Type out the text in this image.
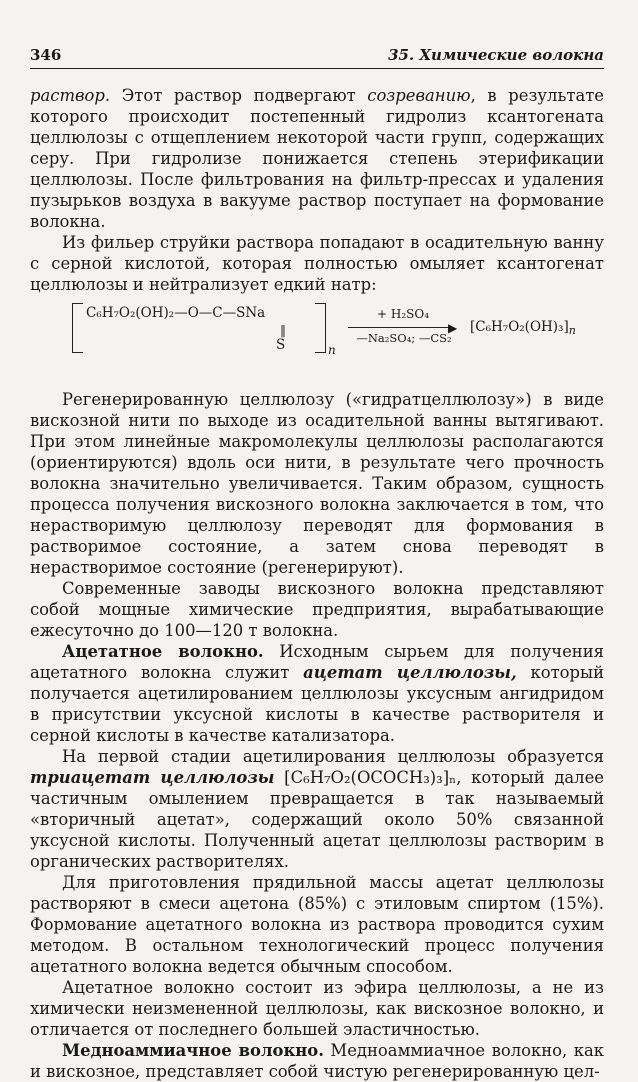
346	35. Химические волокна

раствор. Этот раствор подвергают созреванию, в результате которого происходит постепенный гидролиз ксантогената целлюлозы с отщеплением некоторой части групп, содержащих серу. При гидролизе понижается степень этерификации целлюлозы. После фильтрования на фильтр-прессах и удаления пузырьков воздуха в вакууме раствор поступает на формование волокна.

Из фильер струйки раствора попадают в осадительную ванну с серной кислотой, которая полностью омыляет ксантогенат целлюлозы и нейтрализует едкий натр:

C₆H₇O₂(OH)₂—O—C—SNa
‖
S	n
+ H₂SO₄
▶
—Na₂SO₄; —CS₂
$[C_6H_7O_2(OH)_3]_n$

Регенерированную целлюлозу («гидратцеллюлозу») в виде вискозной нити по выходе из осадительной ванны вытягивают. При этом линейные макромолекулы целлюлозы располагаются (ориентируются) вдоль оси нити, в результате чего прочность волокна значительно увеличивается. Таким образом, сущность процесса получения вискозного волокна заключается в том, что нерастворимую целлюлозу переводят для формования в растворимое состояние, а затем снова переводят в нерастворимое состояние (регенерируют).

Современные заводы вискозного волокна представляют собой мощные химические предприятия, вырабатывающие ежесуточно до 100—120 т волокна.

Ацетатное волокно. Исходным сырьем для получения ацетатного волокна служит ацетат целлюлозы, который получается ацетилированием целлюлозы уксусным ангидридом в присутствии уксусной кислоты в качестве растворителя и серной кислоты в качестве катализатора.

На первой стадии ацетилирования целлюлозы образуется триацетат целлюлозы [C₆H₇O₂(OCOCH₃)₃]ₙ, который далее частичным омылением превращается в так называемый «вторичный ацетат», содержащий около 50% связанной уксусной кислоты. Полученный ацетат целлюлозы растворим в органических растворителях.

Для приготовления прядильной массы ацетат целлюлозы растворяют в смеси ацетона (85%) с этиловым спиртом (15%). Формование ацетатного волокна из раствора проводится сухим методом. В остальном технологический процесс получения ацетатного волокна ведется обычным способом.

Ацетатное волокно состоит из эфира целлюлозы, а не из химически неизмененной целлюлозы, как вискозное волокно, и отличается от последнего большей эластичностью.

Медноаммиачное волокно. Медноаммиачное волокно, как и вискозное, представляет собой чистую регенерированную цел-
